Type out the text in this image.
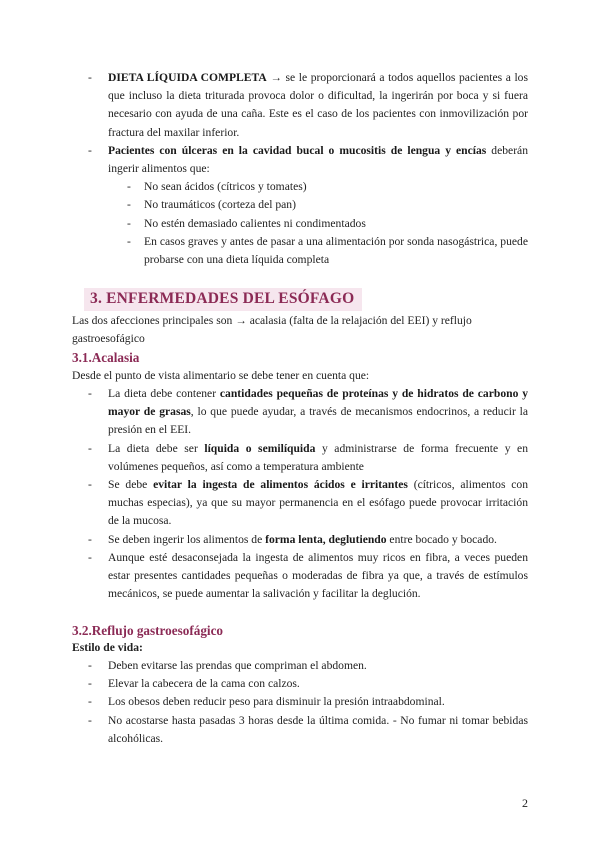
- DIETA LÍQUIDA COMPLETA → se le proporcionará a todos aquellos pacientes a los que incluso la dieta triturada provoca dolor o dificultad, la ingerirán por boca y si fuera necesario con ayuda de una caña. Este es el caso de los pacientes con inmovilización por fractura del maxilar inferior.
- Pacientes con úlceras en la cavidad bucal o mucositis de lengua y encías deberán ingerir alimentos que:
- No sean ácidos (cítricos y tomates)
- No traumáticos (corteza del pan)
- No estén demasiado calientes ni condimentados
- En casos graves y antes de pasar a una alimentación por sonda nasogástrica, puede probarse con una dieta líquida completa
3. ENFERMEDADES DEL ESÓFAGO
Las dos afecciones principales son → acalasia (falta de la relajación del EEI) y reflujo gastroesofágico
3.1.Acalasia
Desde el punto de vista alimentario se debe tener en cuenta que:
- La dieta debe contener cantidades pequeñas de proteínas y de hidratos de carbono y mayor de grasas, lo que puede ayudar, a través de mecanismos endocrinos, a reducir la presión en el EEI.
- La dieta debe ser líquida o semilíquida y administrarse de forma frecuente y en volúmenes pequeños, así como a temperatura ambiente
- Se debe evitar la ingesta de alimentos ácidos e irritantes (cítricos, alimentos con muchas especias), ya que su mayor permanencia en el esófago puede provocar irritación de la mucosa.
- Se deben ingerir los alimentos de forma lenta, deglutiendo entre bocado y bocado.
- Aunque esté desaconsejada la ingesta de alimentos muy ricos en fibra, a veces pueden estar presentes cantidades pequeñas o moderadas de fibra ya que, a través de estímulos mecánicos, se puede aumentar la salivación y facilitar la deglución.
3.2.Reflujo gastroesofágico
Estilo de vida:
- Deben evitarse las prendas que compriman el abdomen.
- Elevar la cabecera de la cama con calzos.
- Los obesos deben reducir peso para disminuir la presión intraabdominal.
- No acostarse hasta pasadas 3 horas desde la última comida. - No fumar ni tomar bebidas alcohólicas.
2
